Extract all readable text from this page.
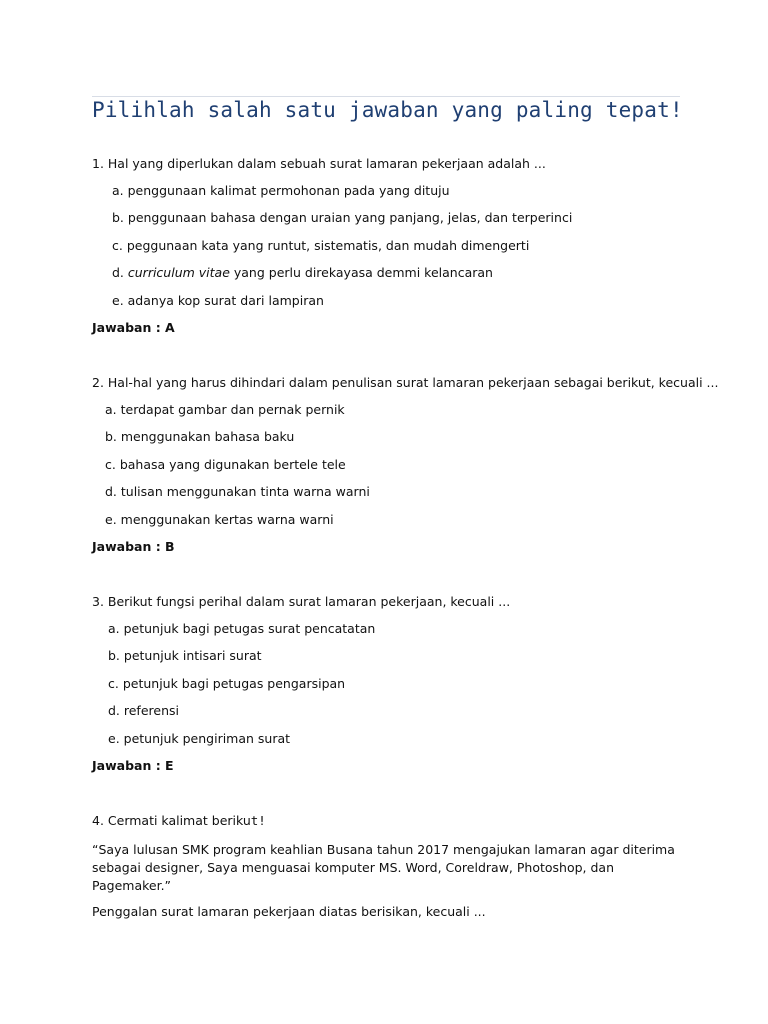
Pilihlah salah satu jawaban yang paling tepat!
1. Hal yang diperlukan dalam sebuah surat lamaran pekerjaan adalah ...
a. penggunaan kalimat permohonan pada yang dituju
b. penggunaan bahasa dengan uraian yang panjang, jelas, dan terperinci
c. peggunaan kata yang runtut, sistematis, dan mudah dimengerti
d. curriculum vitae yang perlu direkayasa demmi kelancaran
e. adanya kop surat dari lampiran
Jawaban : A
2. Hal-hal yang harus dihindari dalam penulisan surat lamaran pekerjaan sebagai berikut, kecuali ...
a. terdapat gambar dan pernak pernik
b. menggunakan bahasa baku
c. bahasa yang digunakan bertele tele
d. tulisan menggunakan tinta warna warni
e. menggunakan kertas warna warni
Jawaban : B
3. Berikut fungsi perihal dalam surat lamaran pekerjaan, kecuali ...
a. petunjuk bagi petugas surat pencatatan
b. petunjuk intisari surat
c. petunjuk bagi petugas pengarsipan
d. referensi
e. petunjuk pengiriman surat
Jawaban : E
4. Cermati kalimat berikut!
“Saya lulusan SMK program keahlian Busana tahun 2017 mengajukan lamaran agar diterima sebagai designer, Saya menguasai komputer MS. Word, Coreldraw, Photoshop, dan Pagemaker.”
Penggalan surat lamaran pekerjaan diatas berisikan, kecuali ...
